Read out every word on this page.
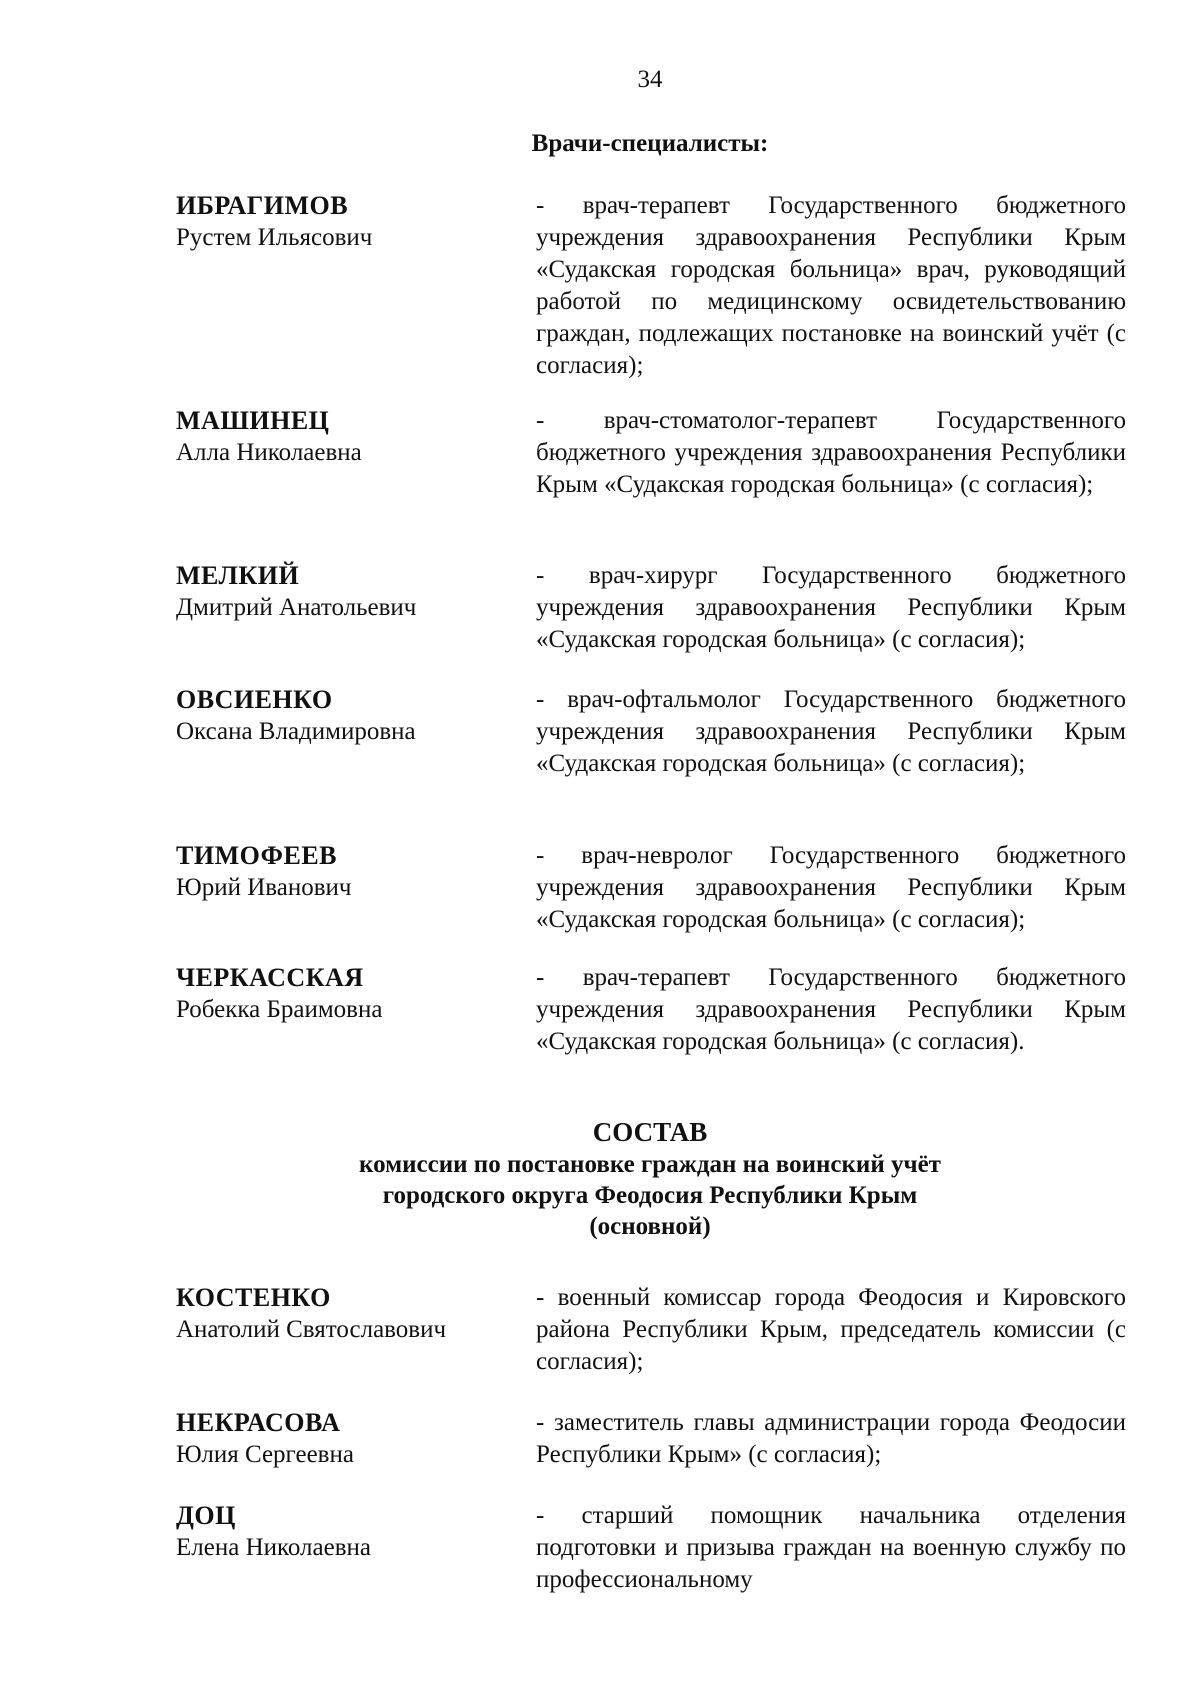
34
Врачи-специалисты:
ИБРАГИМОВ
Рустем Ильясович
- врач-терапевт Государственного бюджетного учреждения здравоохранения Республики Крым «Судакская городская больница» врач, руководящий работой по медицинскому освидетельствованию граждан, подлежащих постановке на воинский учёт (с согласия);
МАШИНЕЦ
Алла Николаевна
- врач-стоматолог-терапевт Государственного бюджетного учреждения здравоохранения Республики Крым «Судакская городская больница» (с согласия);
МЕЛКИЙ
Дмитрий Анатольевич
- врач-хирург Государственного бюджетного учреждения здравоохранения Республики Крым «Судакская городская больница» (с согласия);
ОВСИЕНКО
Оксана Владимировна
- врач-офтальмолог Государственного бюджетного учреждения здравоохранения Республики Крым «Судакская городская больница» (с согласия);
ТИМОФЕЕВ
Юрий Иванович
- врач-невролог Государственного бюджетного учреждения здравоохранения Республики Крым «Судакская городская больница» (с согласия);
ЧЕРКАССКАЯ
Робекка Браимовна
- врач-терапевт Государственного бюджетного учреждения здравоохранения Республики Крым «Судакская городская больница» (с согласия).
СОСТАВ
комиссии по постановке граждан на воинский учёт
городского округа Феодосия Республики Крым
(основной)
КОСТЕНКО
Анатолий Святославович
- военный комиссар города Феодосия и Кировского района Республики Крым, председатель комиссии (с согласия);
НЕКРАСОВА
Юлия Сергеевна
- заместитель главы администрации города Феодосии Республики Крым» (с согласия);
ДОЦ
Елена Николаевна
- старший помощник начальника отделения подготовки и призыва граждан на военную службу по профессиональному
